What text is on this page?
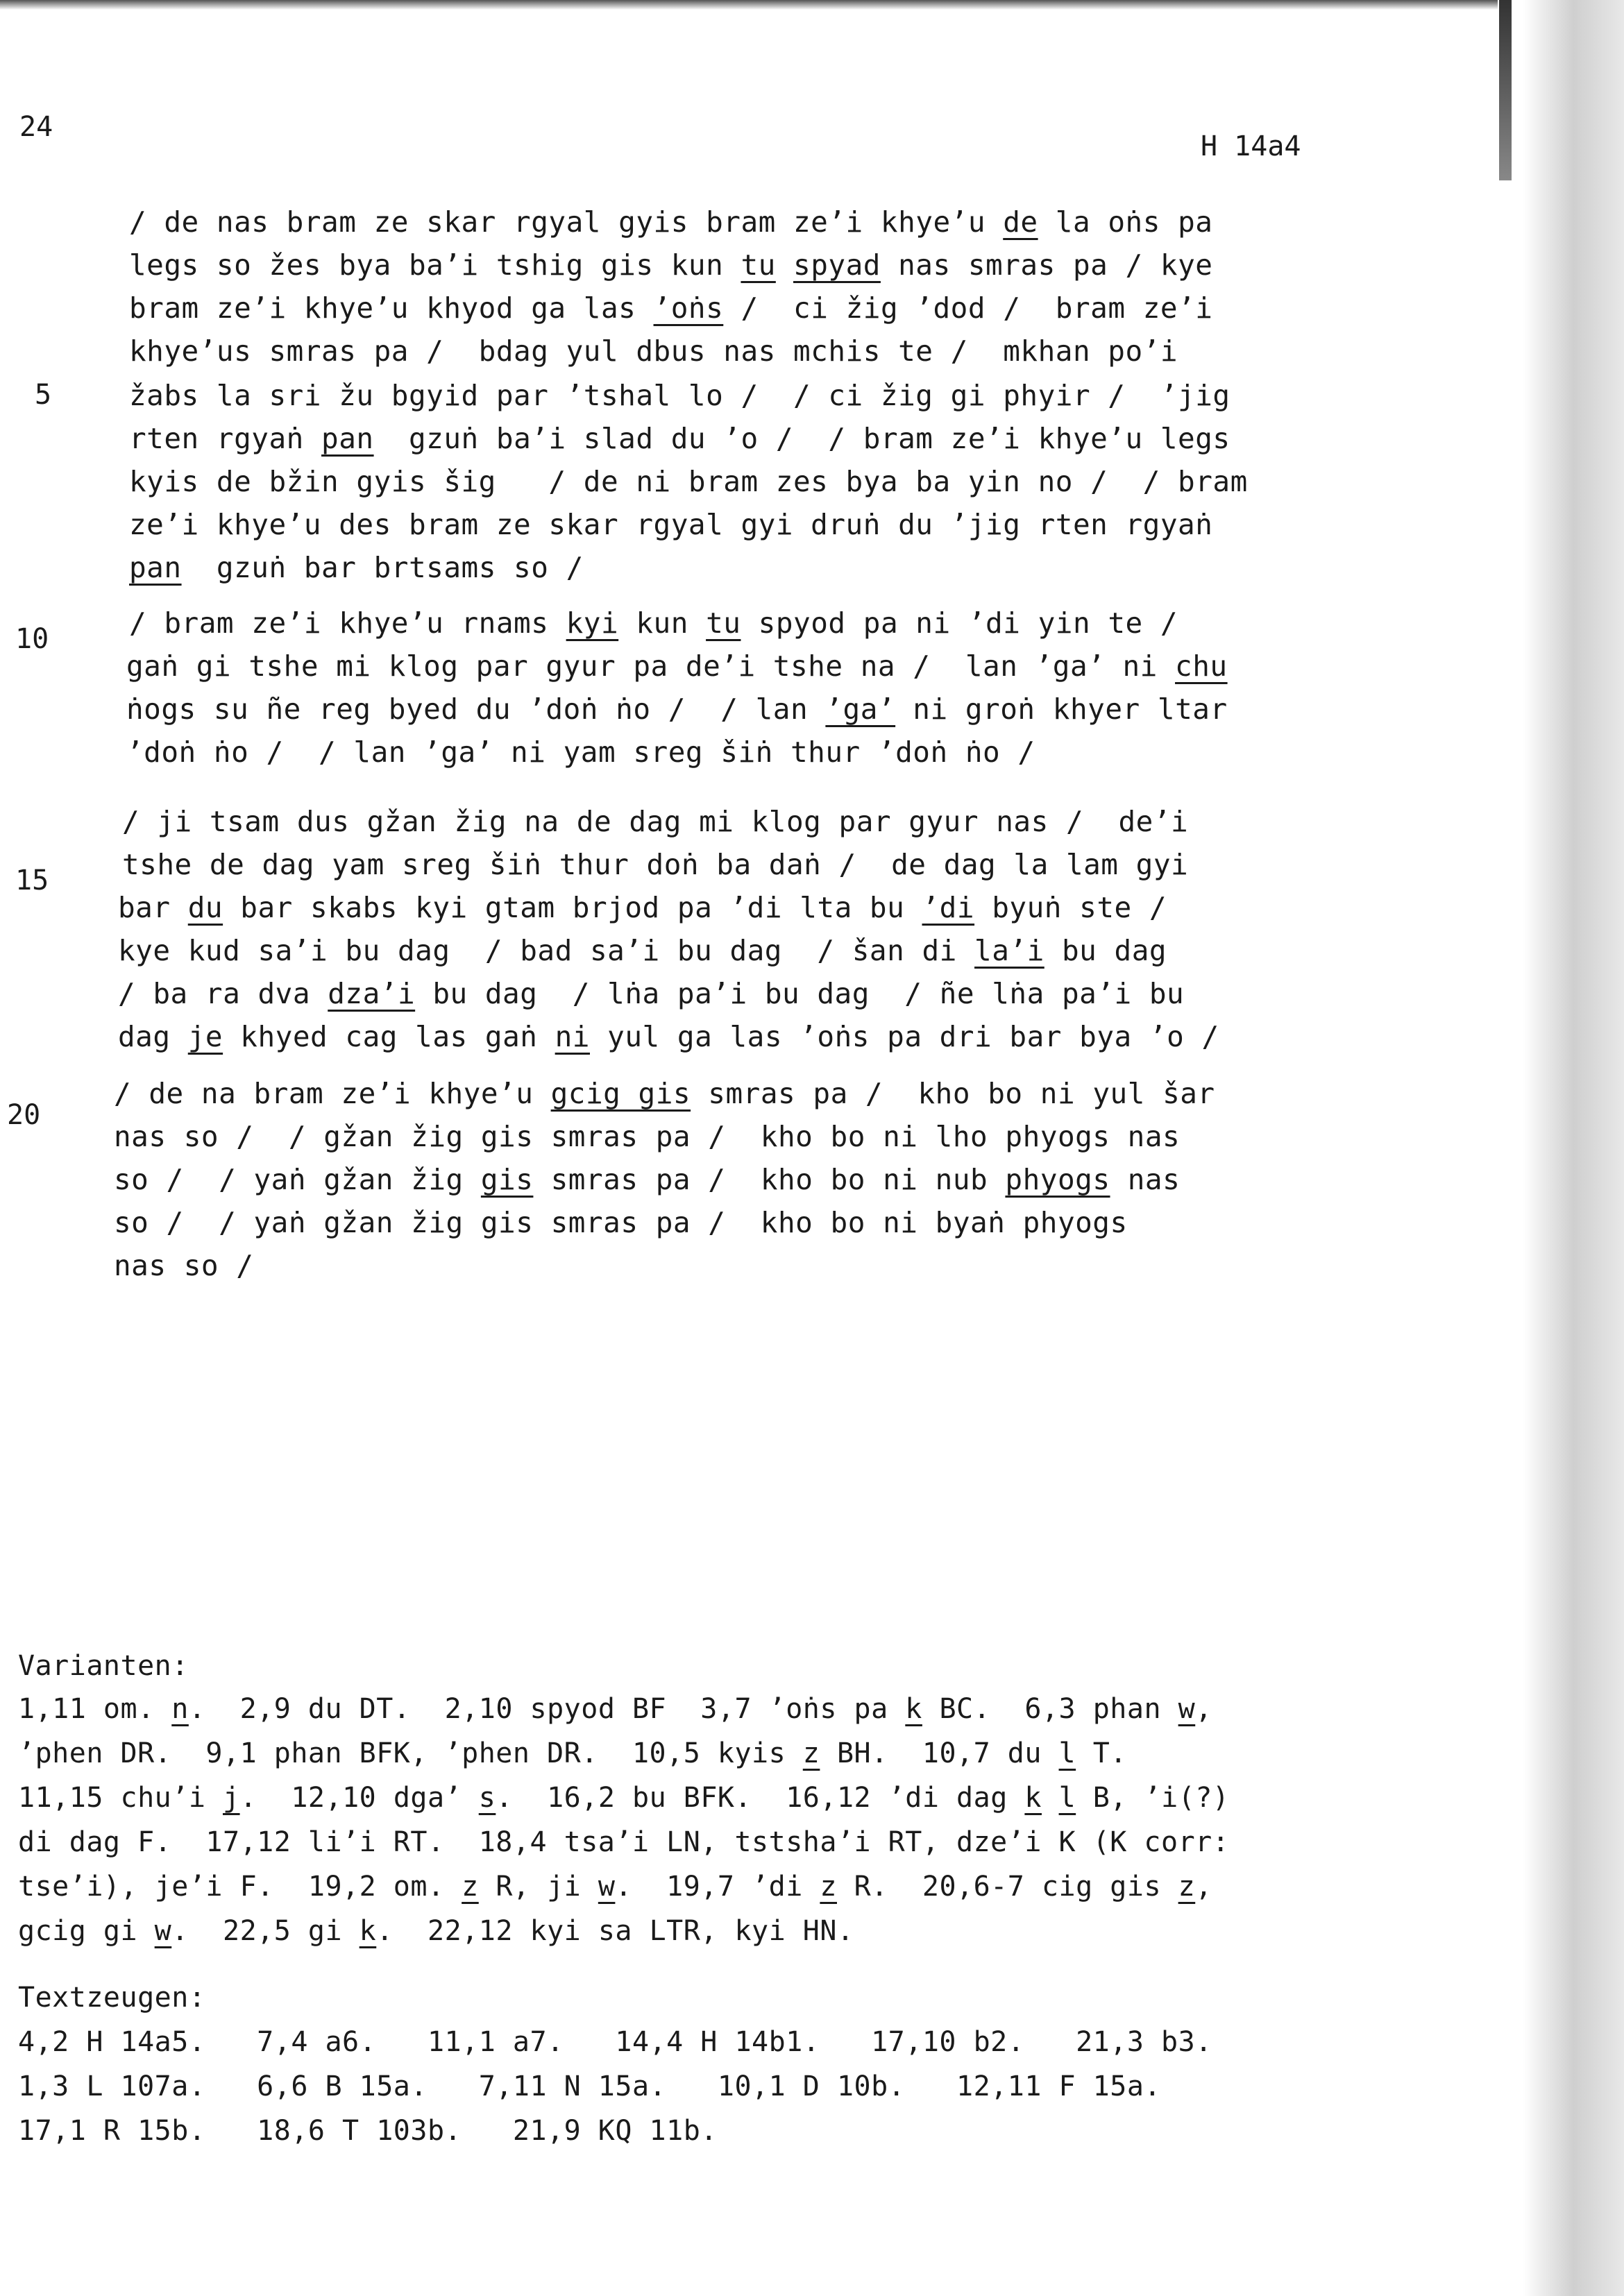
24
H 14a4
/ de nas bram ze skar rgyal gyis bram ze’i khye’u de la oṅs pa
legs so žes bya ba’i tshig gis kun tu spyad nas smras pa / kye
bram ze’i khye’u khyod ga las ’oṅs /  ci žig ’dod /  bram ze’i
khye’us smras pa /  bdag yul dbus nas mchis te /  mkhan po’i
žabs la sri žu bgyid par ’tshal lo /  / ci žig gi phyir /  ’jig
rten rgyaṅ pan  gzuṅ ba’i slad du ’o /  / bram ze’i khye’u legs
kyis de bžin gyis šig   / de ni bram zes bya ba yin no /  / bram
ze’i khye’u des bram ze skar rgyal gyi druṅ du ’jig rten rgyaṅ
pan  gzuṅ bar brtsams so /
/ bram ze’i khye’u rnams kyi kun tu spyod pa ni ’di yin te /
gaṅ gi tshe mi klog par gyur pa de’i tshe na /  lan ’ga’ ni chu
ṅogs su ñe reg byed du ’doṅ ṅo /  / lan ’ga’ ni groṅ khyer ltar
’doṅ ṅo /  / lan ’ga’ ni yam sreg šiṅ thur ’doṅ ṅo /
/ ji tsam dus gžan žig na de dag mi klog par gyur nas /  de’i
tshe de dag yam sreg šiṅ thur doṅ ba daṅ /  de dag la lam gyi
bar du bar skabs kyi gtam brjod pa ’di lta bu ’di byuṅ ste /
kye kud sa’i bu dag  / bad sa’i bu dag  / šan di la’i bu dag
/ ba ra dva dza’i bu dag  / lṅa pa’i bu dag  / ñe lṅa pa’i bu
dag je khyed cag las gaṅ ni yul ga las ’oṅs pa dri bar bya ’o /
/ de na bram ze’i khye’u gcig gis smras pa /  kho bo ni yul šar
nas so /  / gžan žig gis smras pa /  kho bo ni lho phyogs nas
so /  / yaṅ gžan žig gis smras pa /  kho bo ni nub phyogs nas
so /  / yaṅ gžan žig gis smras pa /  kho bo ni byaṅ phyogs
nas so /
5
10
15
20
Varianten:
1,11 om. n.  2,9 du DT.  2,10 spyod BF  3,7 ’oṅs pa k BC.  6,3 phan w,
’phen DR.  9,1 phan BFK, ’phen DR.  10,5 kyis z BH.  10,7 du l T.
11,15 chu’i j.  12,10 dga’ s.  16,2 bu BFK.  16,12 ’di dag k l B, ’i(?)
di dag F.  17,12 li’i RT.  18,4 tsa’i LN, tstsha’i RT, dze’i K (K corr:
tse’i), je’i F.  19,2 om. z R, ji w.  19,7 ’di z R.  20,6-7 cig gis z,
gcig gi w.  22,5 gi k.  22,12 kyi sa LTR, kyi HN.
Textzeugen:
4,2 H 14a5.   7,4 a6.   11,1 a7.   14,4 H 14b1.   17,10 b2.   21,3 b3.
1,3 L 107a.   6,6 B 15a.   7,11 N 15a.   10,1 D 10b.   12,11 F 15a.
17,1 R 15b.   18,6 T 103b.   21,9 KQ 11b.
